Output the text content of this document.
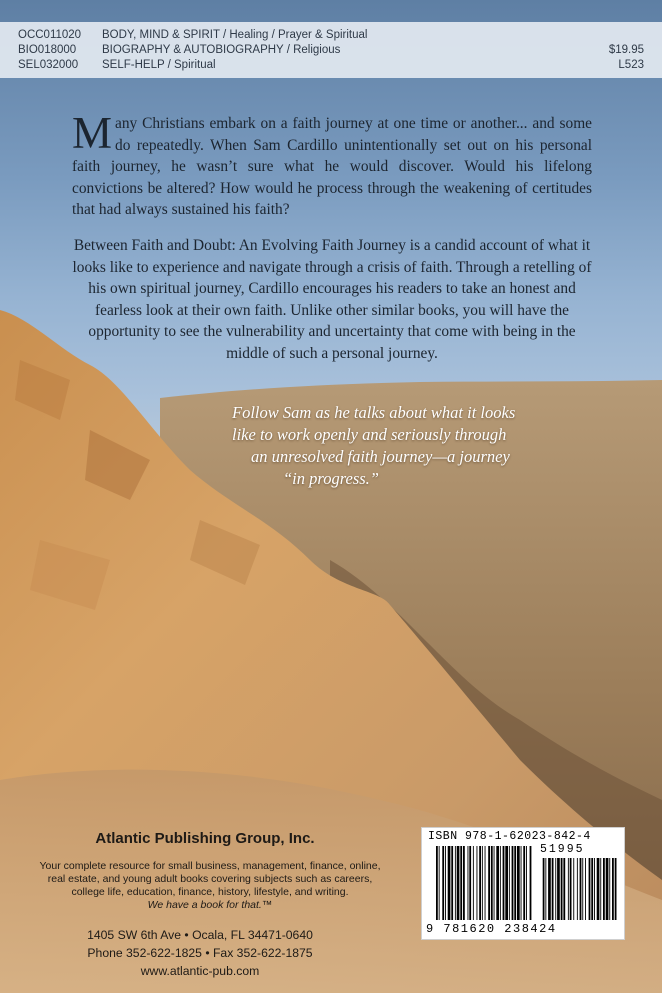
OCC011020 BODY, MIND & SPIRIT / Healing / Prayer & Spiritual
BIO018000 BIOGRAPHY & AUTOBIOGRAPHY / Religious	$19.95
SEL032000 SELF-HELP / Spiritual	L523
Many Christians embark on a faith journey at one time or another... and some do repeatedly. When Sam Cardillo unintentionally set out on his personal faith journey, he wasn’t sure what he would discover. Would his lifelong convictions be altered? How would he process through the weakening of certitudes that had always sustained his faith?
Between Faith and Doubt: An Evolving Faith Journey is a candid account of what it looks like to experience and navigate through a crisis of faith. Through a retelling of his own spiritual journey, Cardillo encourages his readers to take an honest and fearless look at their own faith. Unlike other similar books, you will have the opportunity to see the vulnerability and uncertainty that come with being in the middle of such a personal journey.
Follow Sam as he talks about what it looks
like to work openly and seriously through
an unresolved faith journey—a journey
“in progress.”
Atlantic Publishing Group, Inc.
Your complete resource for small business, management, finance, online, real estate, and young adult books covering subjects such as careers, college life, education, finance, history, lifestyle, and writing.
We have a book for that.™
1405 SW 6th Ave • Ocala, FL 34471-0640
Phone 352-622-1825 • Fax 352-622-1875
www.atlantic-pub.com
ISBN 978-1-62023-842-4
51995
9 781620 238424
